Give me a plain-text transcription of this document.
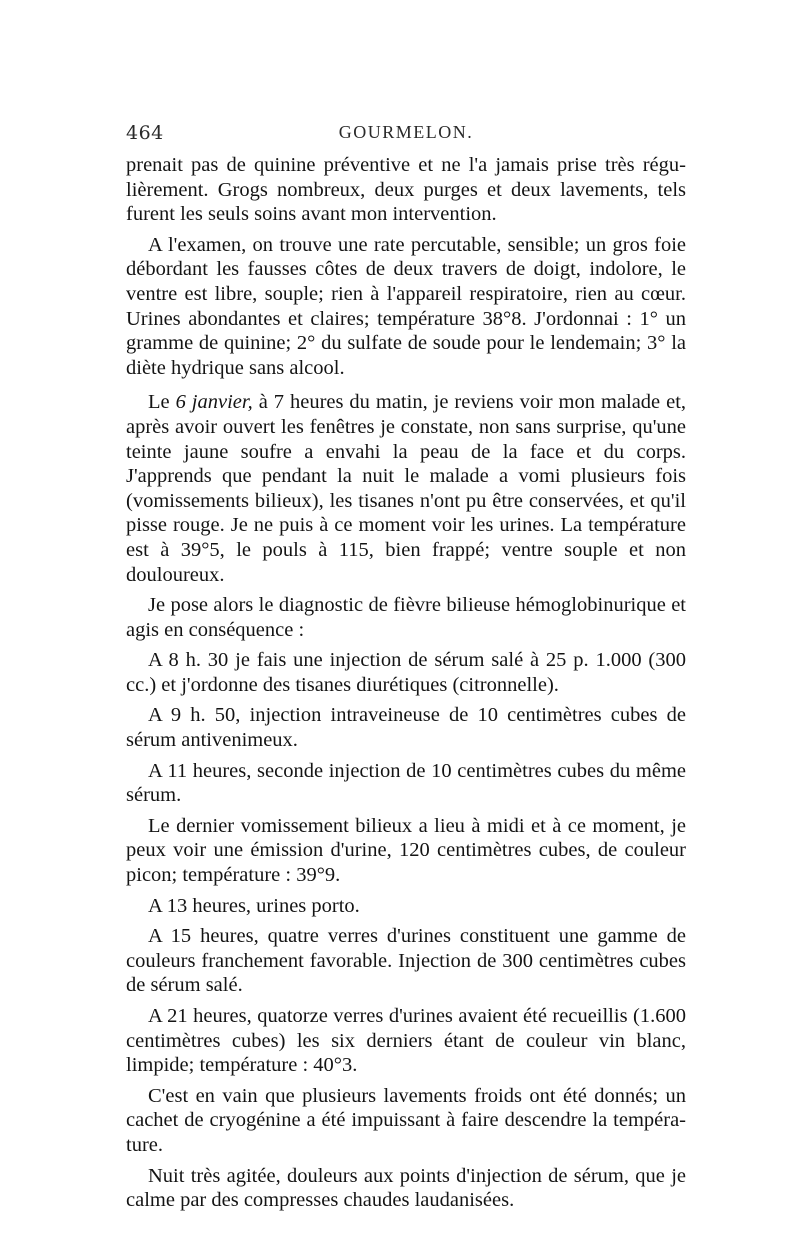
464	GOURMELON.

prenait pas de quinine préventive et ne l'a jamais prise très régulièrement. Grogs nombreux, deux purges et deux lavements, tels furent les seuls soins avant mon intervention.

A l'examen, on trouve une rate percutable, sensible; un gros foie débordant les fausses côtes de deux travers de doigt, indolore, le ventre est libre, souple; rien à l'appareil respiratoire, rien au cœur. Urines abondantes et claires; température 38°8. J'ordonnai : 1° un gramme de quinine; 2° du sulfate de soude pour le lendemain; 3° la diète hydrique sans alcool.

Le 6 janvier, à 7 heures du matin, je reviens voir mon malade et, après avoir ouvert les fenêtres je constate, non sans surprise, qu'une teinte jaune soufre a envahi la peau de la face et du corps. J'apprends que pendant la nuit le malade a vomi plusieurs fois (vomissements bilieux), les tisanes n'ont pu être conservées, et qu'il pisse rouge. Je ne puis à ce moment voir les urines. La température est à 39°5, le pouls à 115, bien frappé; ventre souple et non douloureux.

Je pose alors le diagnostic de fièvre bilieuse hémoglobinurique et agis en conséquence :

A 8 h. 30 je fais une injection de sérum salé à 25 p. 1.000 (300 cc.) et j'ordonne des tisanes diurétiques (citronnelle).

A 9 h. 50, injection intraveineuse de 10 centimètres cubes de sérum antivenimeux.

A 11 heures, seconde injection de 10 centimètres cubes du même sérum.

Le dernier vomissement bilieux a lieu à midi et à ce moment, je peux voir une émission d'urine, 120 centimètres cubes, de couleur picon; température : 39°9.

A 13 heures, urines porto.

A 15 heures, quatre verres d'urines constituent une gamme de couleurs franchement favorable. Injection de 300 centimètres cubes de sérum salé.

A 21 heures, quatorze verres d'urines avaient été recueillis (1.600 centimètres cubes) les six derniers étant de couleur vin blanc, limpide; température : 40°3.

C'est en vain que plusieurs lavements froids ont été donnés; un cachet de cryogénine a été impuissant à faire descendre la température.

Nuit très agitée, douleurs aux points d'injection de sérum, que je calme par des compresses chaudes laudanisées.
